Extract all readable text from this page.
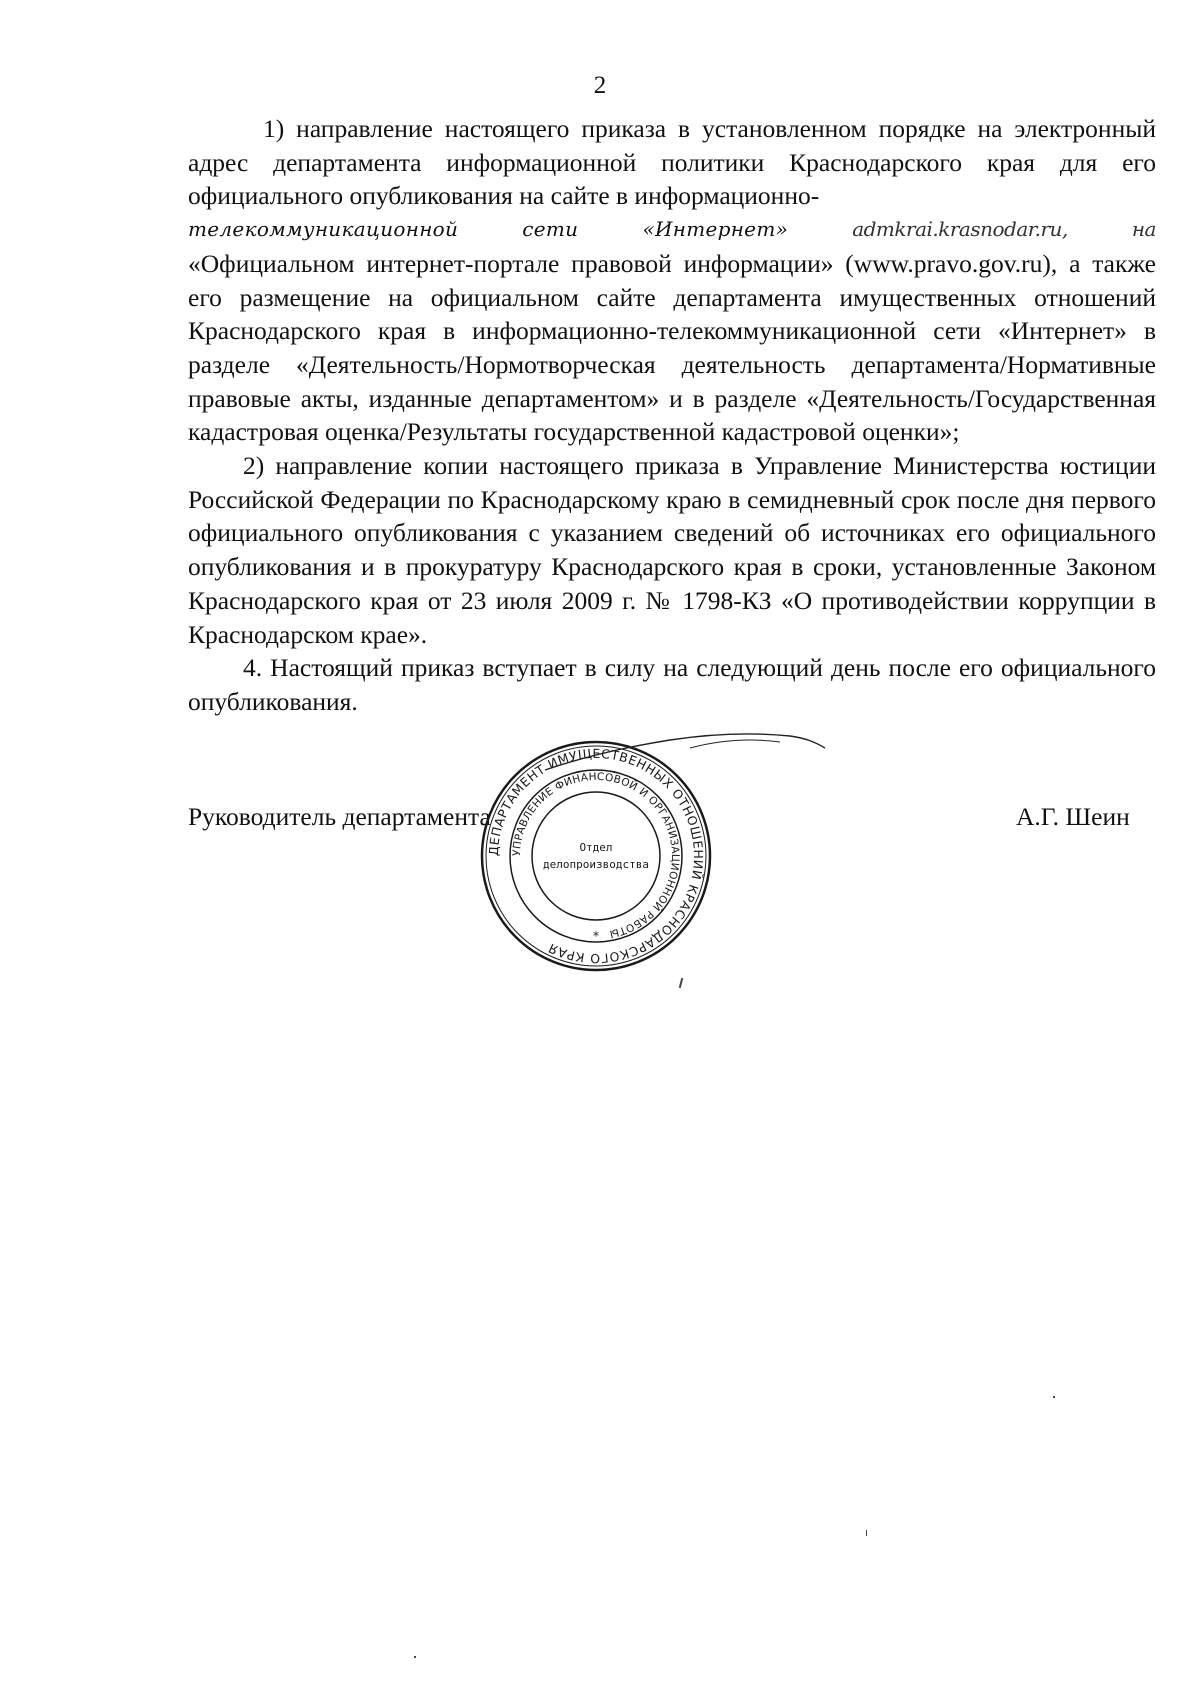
2

1) направление настоящего приказа в установленном порядке на электронный адрес департамента информационной политики Краснодарского края для его официального опубликования на сайте в информационно-

телекоммуникационной	сети	«Интернет»	admkrai.krasnodar.ru,	на

«Официальном интернет-портале правовой информации» (www.pravo.gov.ru), а также его размещение на официальном сайте департамента имущественных отношений Краснодарского края в информационно-телекоммуникационной сети «Интернет» в разделе «Деятельность/Нормотворческая деятельность департамента/Нормативные правовые акты, изданные департаментом» и в разделе «Деятельность/Государственная кадастровая оценка/Результаты государственной кадастровой оценки»;

2) направление копии настоящего приказа в Управление Министерства юстиции Российской Федерации по Краснодарскому краю в семидневный срок после дня первого официального опубликования с указанием сведений об источниках его официального опубликования и в прокуратуру Краснодарского края в сроки, установленные Законом Краснодарского края от 23 июля 2009 г. № 1798-КЗ «О противодействии коррупции в Краснодарском крае».

4. Настоящий приказ вступает в силу на следующий день после его официального опубликования.

Руководитель департамента	А.Г. Шеин
ДЕПАРТАМЕНТ ИМУЩЕСТВЕННЫХ ОТНОШЕНИЙ КРАСНОДАРСКОГО КРАЯ
УПРАВЛЕНИЕ ФИНАНСОВОЙ И ОРГАНИЗАЦИОННОЙ РАБОТЫ
Отдел
делопроизводства
*
